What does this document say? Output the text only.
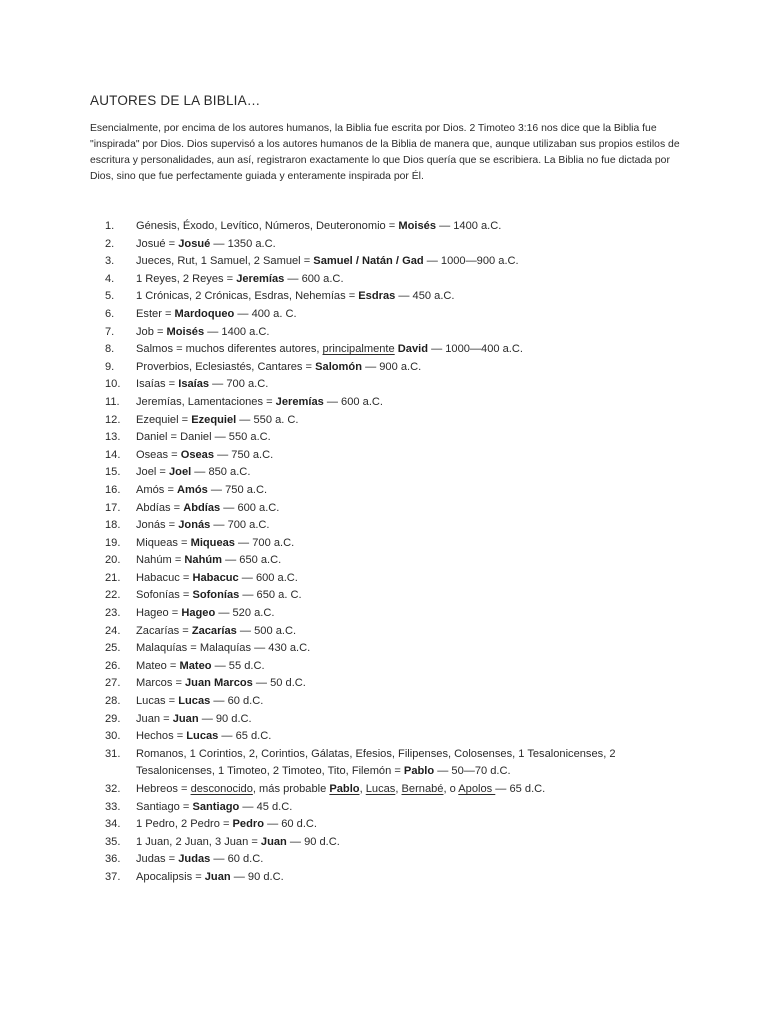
AUTORES DE LA BIBLIA…
Esencialmente, por encima de los autores humanos, la Biblia fue escrita por Dios. 2 Timoteo 3:16 nos dice que la Biblia fue "inspirada" por Dios. Dios supervisó a los autores humanos de la Biblia de manera que, aunque utilizaban sus propios estilos de escritura y personalidades, aun así, registraron exactamente lo que Dios quería que se escribiera. La Biblia no fue dictada por Dios, sino que fue perfectamente guiada y enteramente inspirada por Él.
1.	Génesis, Éxodo, Levítico, Números, Deuteronomio = Moisés — 1400 a.C.
2.	Josué = Josué — 1350 a.C.
3.	Jueces, Rut, 1 Samuel, 2 Samuel = Samuel / Natán / Gad — 1000—900 a.C.
4.	1 Reyes, 2 Reyes = Jeremías — 600 a.C.
5.	1 Crónicas, 2 Crónicas, Esdras, Nehemías = Esdras — 450 a.C.
6.	Ester = Mardoqueo — 400 a. C.
7.	Job = Moisés — 1400 a.C.
8.	Salmos = muchos diferentes autores, principalmente David — 1000—400 a.C.
9.	Proverbios, Eclesiastés, Cantares = Salomón — 900 a.C.
10.	Isaías = Isaías — 700 a.C.
11.	Jeremías, Lamentaciones = Jeremías — 600 a.C.
12.	Ezequiel = Ezequiel — 550 a. C.
13.	Daniel = Daniel — 550 a.C.
14.	Oseas = Oseas — 750 a.C.
15.	Joel = Joel — 850 a.C.
16.	Amós = Amós — 750 a.C.
17.	Abdías = Abdías — 600 a.C.
18.	Jonás = Jonás — 700 a.C.
19.	Miqueas = Miqueas — 700 a.C.
20.	Nahúm = Nahúm — 650 a.C.
21.	Habacuc = Habacuc — 600 a.C.
22.	Sofonías = Sofonías — 650 a. C.
23.	Hageo = Hageo — 520 a.C.
24.	Zacarías = Zacarías — 500 a.C.
25.	Malaquías = Malaquías — 430 a.C.
26.	Mateo = Mateo — 55 d.C.
27.	Marcos = Juan Marcos — 50 d.C.
28.	Lucas = Lucas — 60 d.C.
29.	Juan = Juan — 90 d.C.
30.	Hechos = Lucas — 65 d.C.
31.	Romanos, 1 Corintios, 2, Corintios, Gálatas, Efesios, Filipenses, Colosenses, 1 Tesalonicenses, 2 Tesalonicenses, 1 Timoteo, 2 Timoteo, Tito, Filemón = Pablo — 50—70 d.C.
32.	Hebreos = desconocido, más probable Pablo, Lucas, Bernabé, o Apolos — 65 d.C.
33.	Santiago = Santiago — 45 d.C.
34.	1 Pedro, 2 Pedro = Pedro — 60 d.C.
35.	1 Juan, 2 Juan, 3 Juan = Juan — 90 d.C.
36.	Judas = Judas — 60 d.C.
37.	Apocalipsis = Juan — 90 d.C.
